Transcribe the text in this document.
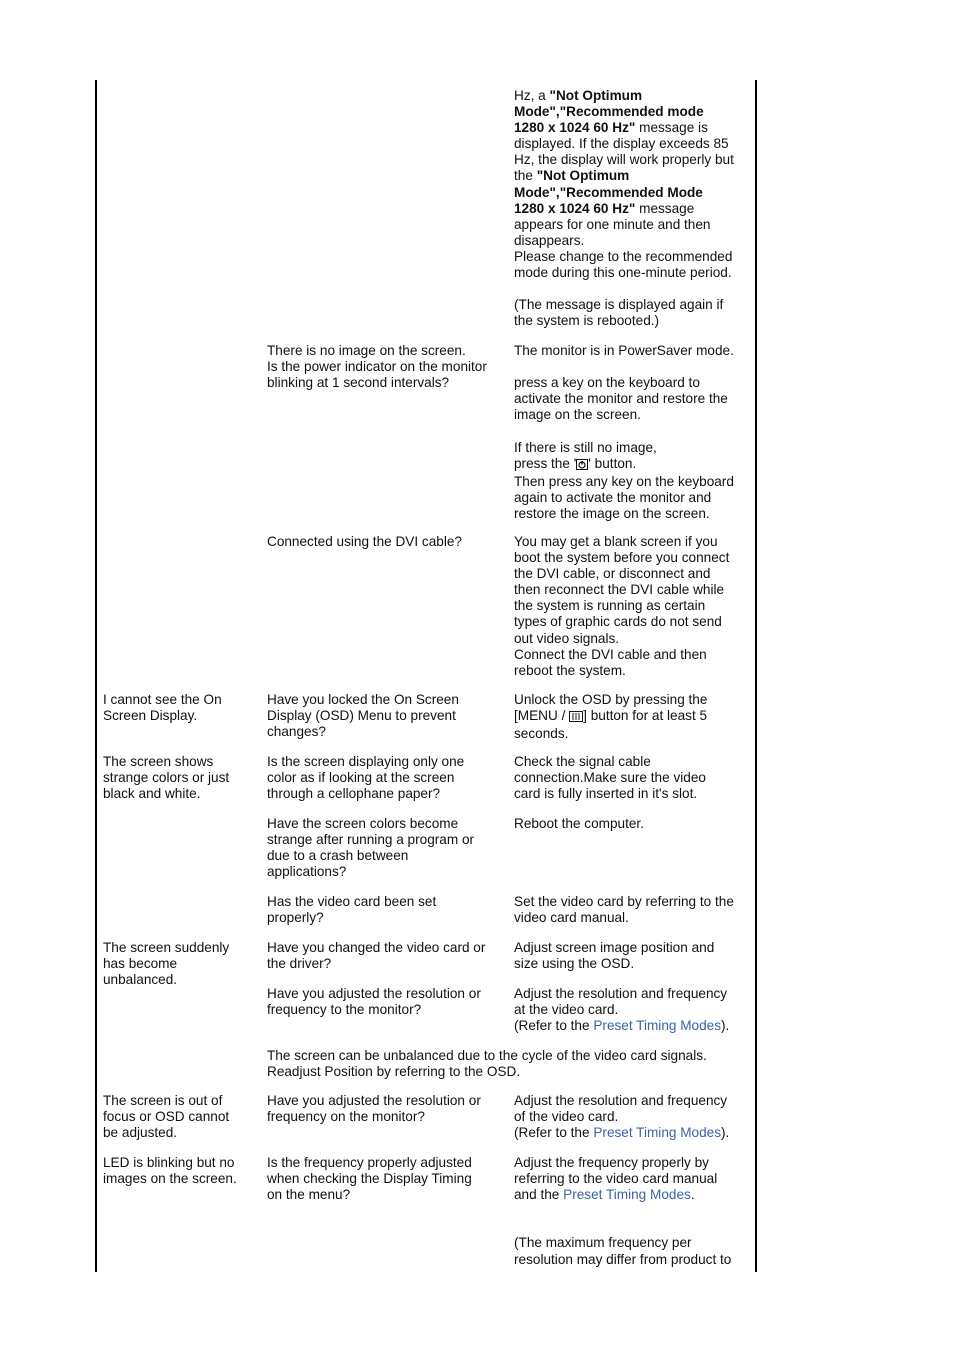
Hz, a "Not Optimum
Mode","Recommended mode
1280 x 1024 60 Hz" message is
displayed. If the display exceeds 85
Hz, the display will work properly but
the "Not Optimum
Mode","Recommended Mode
1280 x 1024 60 Hz" message
appears for one minute and then
disappears.
Please change to the recommended
mode during this one-minute period.

(The message is displayed again if
the system is rebooted.)
There is no image on the screen.
Is the power indicator on the monitor
blinking at 1 second intervals?
The monitor is in PowerSaver mode.

press a key on the keyboard to
activate the monitor and restore the
image on the screen.

If there is still no image,
press the ' ' button.
Then press any key on the keyboard
again to activate the monitor and
restore the image on the screen.
Connected using the DVI cable?	You may get a blank screen if you
boot the system before you connect
the DVI cable, or disconnect and
then reconnect the DVI cable while
the system is running as certain
types of graphic cards do not send
out video signals.
Connect the DVI cable and then
reboot the system.
I cannot see the On
Screen Display.
Have you locked the On Screen
Display (OSD) Menu to prevent
changes?
Unlock the OSD by pressing the
[MENU / ] button for at least 5
seconds.
The screen shows
strange colors or just
black and white.
Is the screen displaying only one
color as if looking at the screen
through a cellophane paper?
Check the signal cable
connection.Make sure the video
card is fully inserted in it's slot.
Have the screen colors become
strange after running a program or
due to a crash between
applications?
Reboot the computer.
Has the video card been set
properly?
Set the video card by referring to the
video card manual.
The screen suddenly
has become
unbalanced.
Have you changed the video card or
the driver?
Adjust screen image position and
size using the OSD.
Have you adjusted the resolution or
frequency to the monitor?
Adjust the resolution and frequency
at the video card.
(Refer to the Preset Timing Modes).
The screen can be unbalanced due to the cycle of the video card signals.
Readjust Position by referring to the OSD.
The screen is out of
focus or OSD cannot
be adjusted.
Have you adjusted the resolution or
frequency on the monitor?
Adjust the resolution and frequency
of the video card.
(Refer to the Preset Timing Modes).
LED is blinking but no
images on the screen.
Is the frequency properly adjusted
when checking the Display Timing
on the menu?
Adjust the frequency properly by
referring to the video card manual
and the Preset Timing Modes.

(The maximum frequency per
resolution may differ from product to
